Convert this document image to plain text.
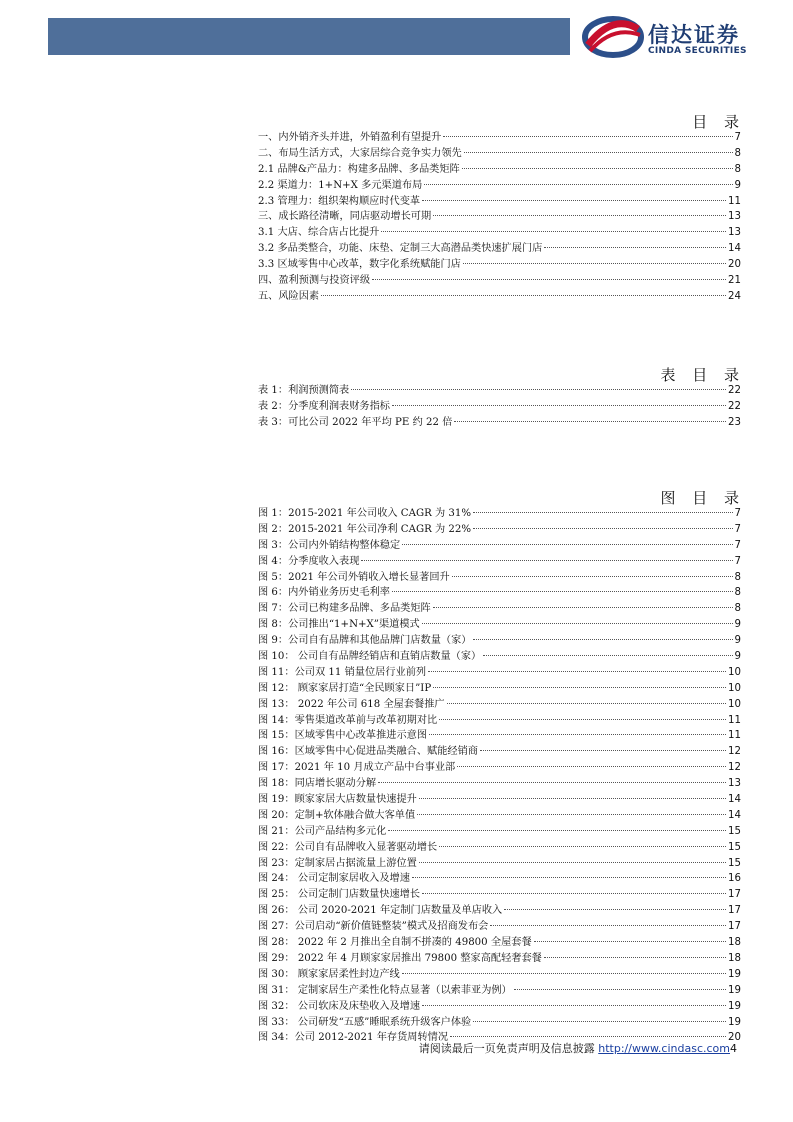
信达证券
CINDA SECURITIES
目 录
一、内外销齐头并进，外销盈利有望提升	7
二、布局生活方式，大家居综合竞争实力领先	8
2.1 品牌&产品力：构建多品牌、多品类矩阵	8
2.2 渠道力：1+N+X 多元渠道布局	9
2.3 管理力：组织架构顺应时代变革	11
三、成长路径清晰，同店驱动增长可期	13
3.1 大店、综合店占比提升	13
3.2 多品类整合，功能、床垫、定制三大高潜品类快速扩展门店	14
3.3 区域零售中心改革，数字化系统赋能门店	20
四、盈利预测与投资评级	21
五、风险因素	24
表 目 录
表 1：利润预测简表	22
表 2：分季度利润表财务指标	22
表 3：可比公司 2022 年平均 PE 约 22 倍	23
图 目 录
图 1：2015-2021 年公司收入 CAGR 为 31%	7
图 2：2015-2021 年公司净利 CAGR 为 22%	7
图 3：公司内外销结构整体稳定	7
图 4：分季度收入表现	7
图 5：2021 年公司外销收入增长显著回升	8
图 6：内外销业务历史毛利率	8
图 7：公司已构建多品牌、多品类矩阵	8
图 8：公司推出“1+N+X”渠道模式	9
图 9：公司自有品牌和其他品牌门店数量（家）	9
图 10： 公司自有品牌经销店和直销店数量（家）	9
图 11：公司双 11 销量位居行业前列	10
图 12： 顾家家居打造“全民顾家日”IP	10
图 13： 2022 年公司 618 全屋套餐推广	10
图 14：零售渠道改革前与改革初期对比	11
图 15：区域零售中心改革推进示意图	11
图 16：区域零售中心促进品类融合、赋能经销商	12
图 17：2021 年 10 月成立产品中台事业部	12
图 18：同店增长驱动分解	13
图 19：顾家家居大店数量快速提升	14
图 20：定制+软体融合做大客单值	14
图 21：公司产品结构多元化	15
图 22：公司自有品牌收入显著驱动增长	15
图 23：定制家居占据流量上游位置	15
图 24： 公司定制家居收入及增速	16
图 25： 公司定制门店数量快速增长	17
图 26： 公司 2020-2021 年定制门店数量及单店收入	17
图 27：公司启动“新价值链整装”模式及招商发布会	17
图 28： 2022 年 2 月推出全自制不拼凑的 49800 全屋套餐	18
图 29： 2022 年 4 月顾家家居推出 79800 整家高配轻奢套餐	18
图 30： 顾家家居柔性封边产线	19
图 31： 定制家居生产柔性化特点显著（以索菲亚为例）	19
图 32： 公司软床及床垫收入及增速	19
图 33： 公司研发“五感”睡眠系统升级客户体验	19
图 34：公司 2012-2021 年存货周转情况	20
请阅读最后一页免责声明及信息披露 http://www.cindasc.com4
